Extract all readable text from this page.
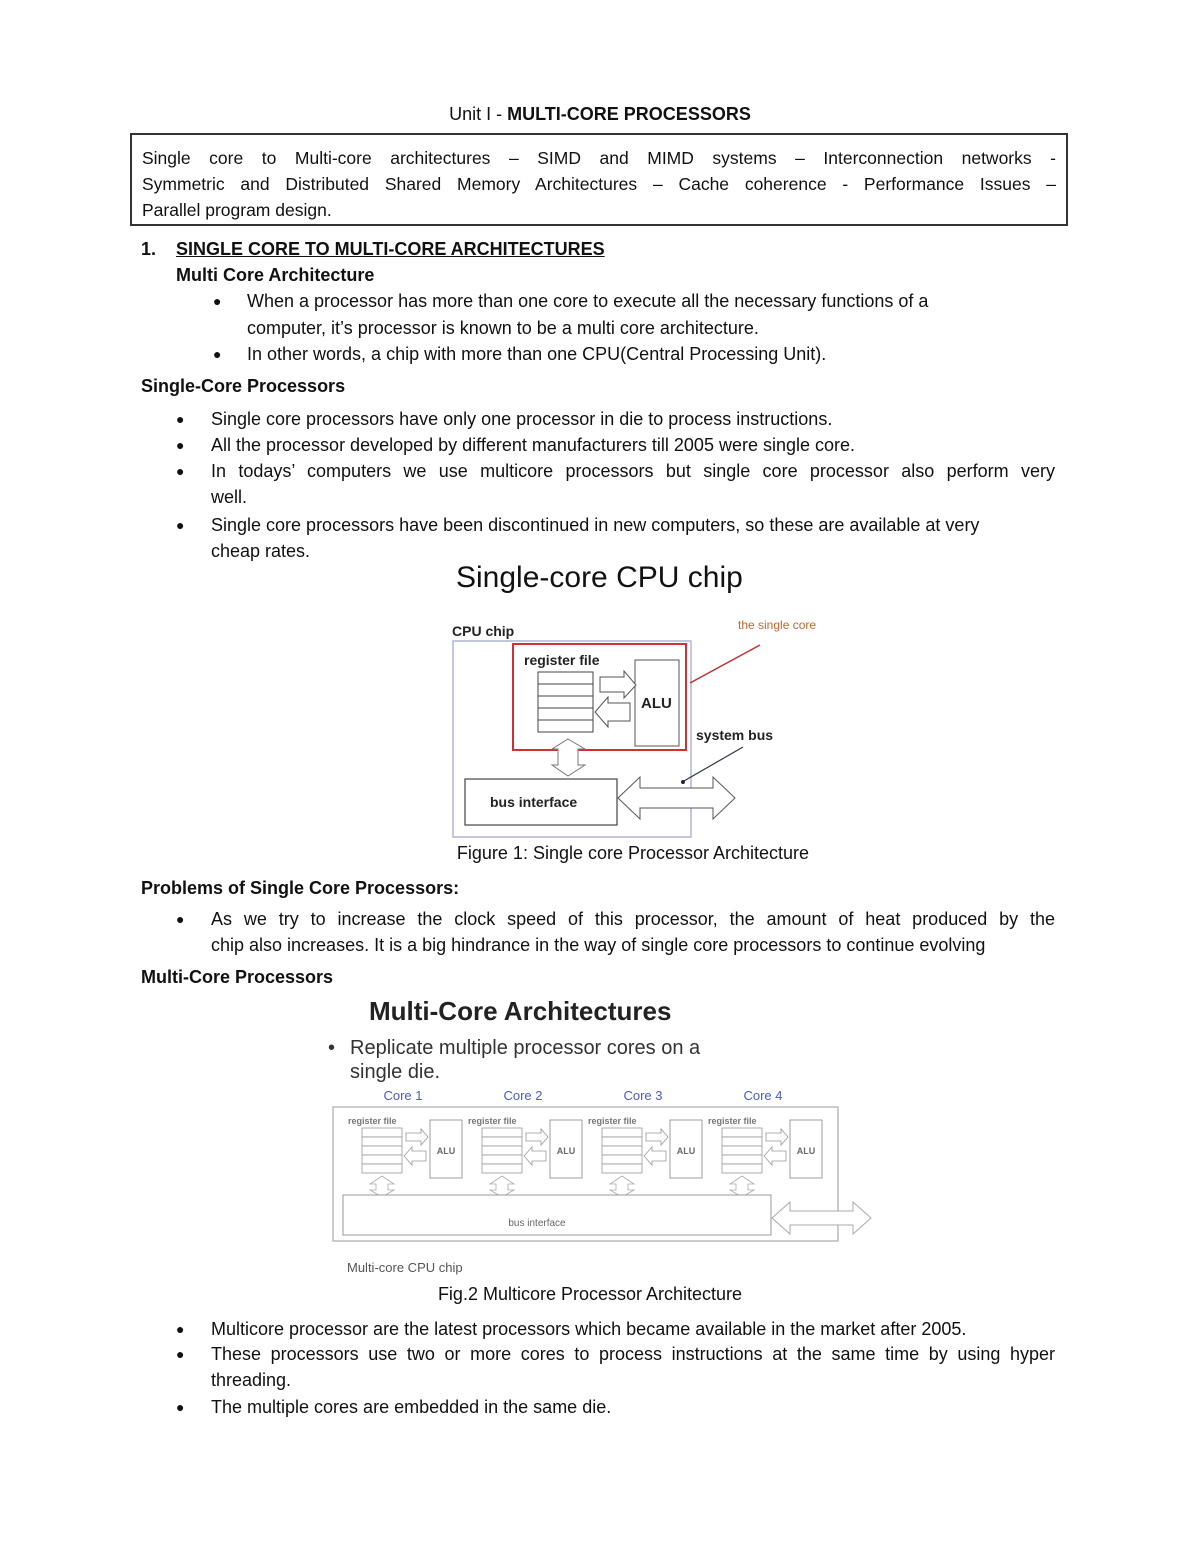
Unit I - MULTI-CORE PROCESSORS
Single core to Multi-core architectures – SIMD and MIMD systems – Interconnection networks -
Symmetric and Distributed Shared Memory Architectures – Cache coherence - Performance Issues –
Parallel program design.
1. SINGLE CORE TO MULTI-CORE ARCHITECTURES
Multi Core Architecture
● When a processor has more than one core to execute all the necessary functions of a
computer, it’s processor is known to be a multi core architecture.
● In other words, a chip with more than one CPU(Central Processing Unit).
Single-Core Processors
● Single core processors have only one processor in die to process instructions.
● All the processor developed by different manufacturers till 2005 were single core.
● In todays’ computers we use multicore processors but single core processor also perform very
well.
● Single core processors have been discontinued in new computers, so these are available at very
cheap rates.
Single-core CPU chip
CPU chip	the single core
register file
ALU
bus interface
system bus
Figure 1: Single core Processor Architecture
Problems of Single Core Processors:
● As we try to increase the clock speed of this processor, the amount of heat produced by the
chip also increases. It is a big hindrance in the way of single core processors to continue evolving
Multi-Core Processors
Multi-Core Architectures
• Replicate multiple processor cores on a
single die.
Core 1
register file
ALU
Core 2
register file
ALU
Core 3
register file
ALU
Core 4
register file
ALU
bus interface
Multi-core CPU chip
Fig.2 Multicore Processor Architecture
● Multicore processor are the latest processors which became available in the market after 2005.
● These processors use two or more cores to process instructions at the same time by using hyper
threading.
● The multiple cores are embedded in the same die.
